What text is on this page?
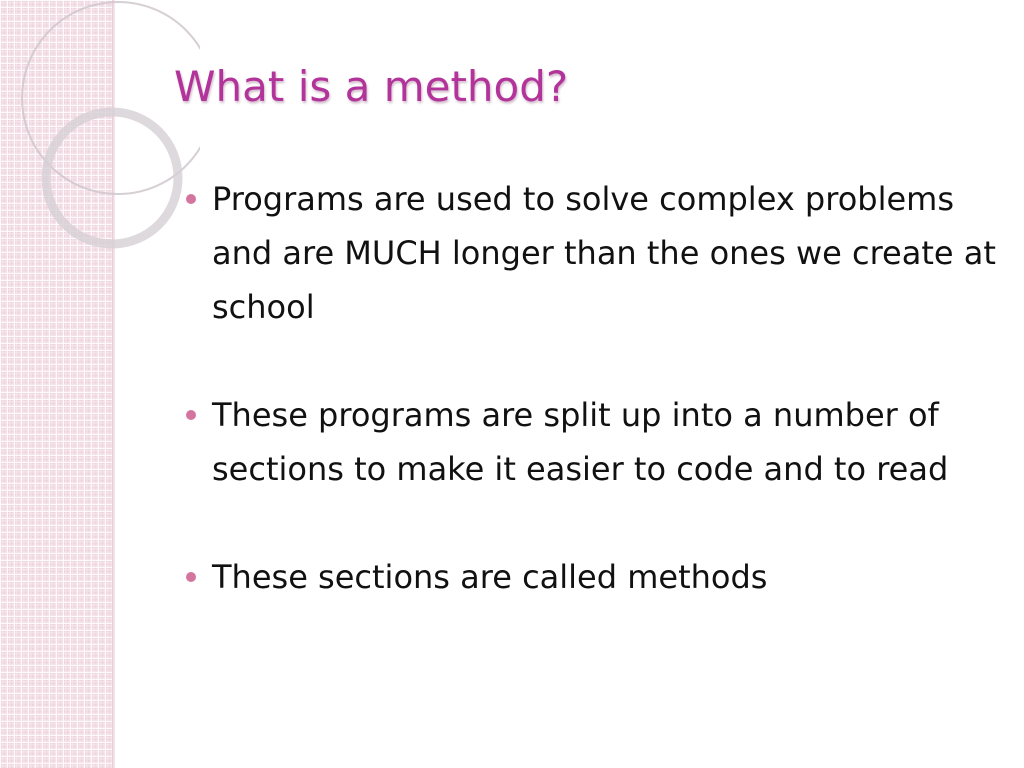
What is a method?
Programs are used to solve complex problems and are MUCH longer than the ones we create at school
These programs are split up into a number of sections to make it easier to code and to read
These sections are called methods
